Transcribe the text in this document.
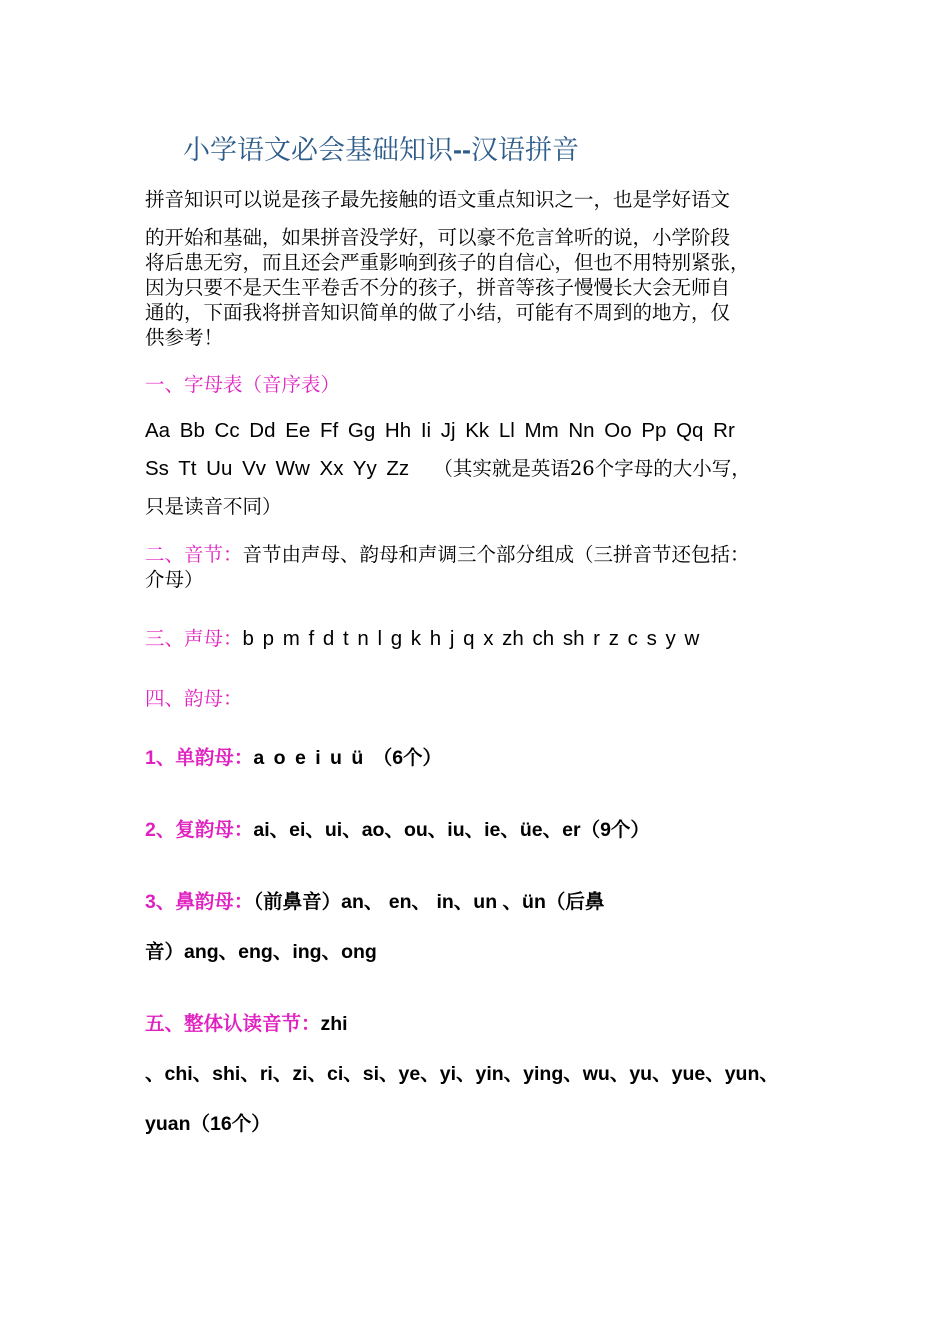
小学语文必会基础知识--汉语拼音
拼音知识可以说是孩子最先接触的语文重点知识之一，也是学好语文
的开始和基础，如果拼音没学好，可以豪不危言耸听的说，小学阶段
将后患无穷，而且还会严重影响到孩子的自信心，但也不用特别紧张，
因为只要不是天生平卷舌不分的孩子，拼音等孩子慢慢长大会无师自
通的，下面我将拼音知识简单的做了小结，可能有不周到的地方，仅
供参考！
一、字母表（音序表）
Aa Bb Cc Dd Ee Ff Gg Hh Ii Jj Kk Ll Mm Nn Oo Pp Qq Rr
Ss Tt Uu Vv Ww Xx Yy Zz （其实就是英语26个字母的大小写，
只是读音不同）
二、音节：音节由声母、韵母和声调三个部分组成（三拼音节还包括：
介母）
三、声母：b p m f d t n l g k h j q x zh ch sh r z c s y w
四、韵母：
1、单韵母：a o e i u ü （6个）
2、复韵母：ai、ei、ui、ao、ou、iu、ie、üe、er（9个）
3、鼻韵母：（前鼻音）an、 en、 in、un 、ün（后鼻
音）ang、eng、ing、ong
五、整体认读音节：zhi
、chi、shi、ri、zi、ci、si、ye、yi、yin、ying、wu、yu、yue、yun、
yuan（16个）
